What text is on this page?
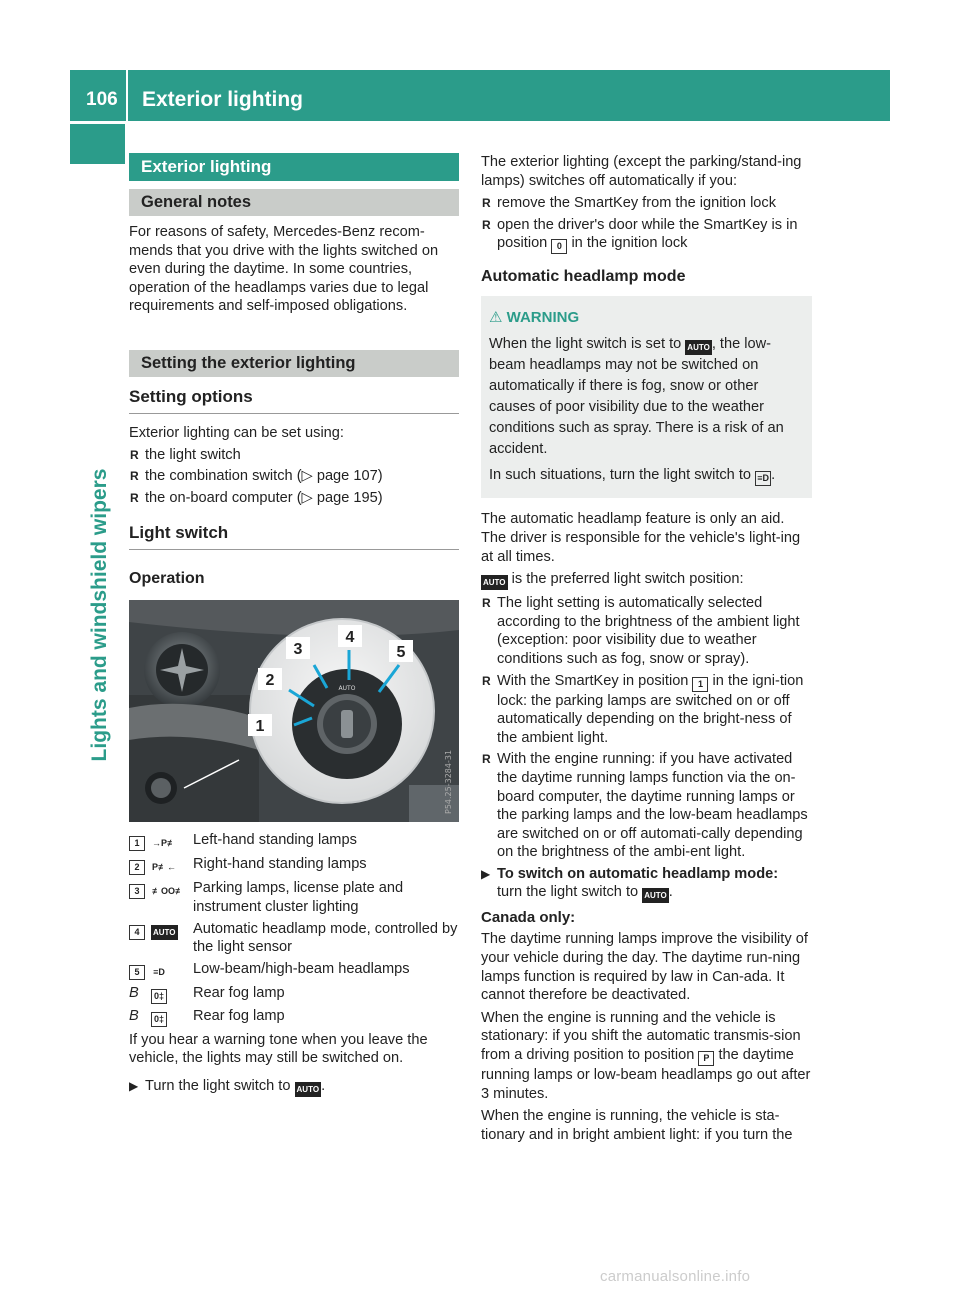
106	Exterior lighting
Lights and windshield wipers
Exterior lighting
General notes

For reasons of safety, Mercedes-Benz recom-mends that you drive with the lights switched on even during the daytime. In some countries, operation of the headlamps varies due to legal requirements and self-imposed obligations.

Setting the exterior lighting
Setting options

Exterior lighting can be set using:

R the light switch
R the combination switch (▷ page 107)
R the on-board computer (▷ page 195)
Light switch
Operation
AUTO
1
2
3
4
5
P54.25-3284-31
1	→P≢	Left-hand standing lamps
2	P≢←	Right-hand standing lamps
3	≢OO≢ Parking lamps, license plate and instrument cluster lighting
4	AUTO	Automatic headlamp mode, controlled by the light sensor
5	≡D	Low-beam/high-beam headlamps
B	0‡	Rear fog lamp
B	0‡	Rear fog lamp

If you hear a warning tone when you leave the vehicle, the lights may still be switched on.

▶ Turn the light switch to AUTO .

The exterior lighting (except the parking/stand-ing lamps) switches off automatically if you:

R remove the SmartKey from the ignition lock
R open the driver's door while the SmartKey is in position 0 in the ignition lock
Automatic headlamp mode
⚠ WARNING

When the light switch is set to AUTO , the low-beam headlamps may not be switched on automatically if there is fog, snow or other causes of poor visibility due to the weather conditions such as spray. There is a risk of an accident.

In such situations, turn the light switch to ≡D .

The automatic headlamp feature is only an aid. The driver is responsible for the vehicle's light-ing at all times.

AUTO is the preferred light switch position:

R The light setting is automatically selected according to the brightness of the ambient light (exception: poor visibility due to weather conditions such as fog, snow or spray).
R With the SmartKey in position 1 in the igni-tion lock: the parking lamps are switched on or off automatically depending on the bright-ness of the ambient light.
R With the engine running: if you have activated the daytime running lamps function via the on-board computer, the daytime running lamps or the parking lamps and the low-beam headlamps are switched on or off automati-cally depending on the brightness of the ambi-ent light.
▶ To switch on automatic headlamp mode:
turn the light switch to AUTO .
Canada only:

The daytime running lamps improve the visibility of your vehicle during the day. The daytime run-ning lamps function is required by law in Can-ada. It cannot therefore be deactivated.

When the engine is running and the vehicle is stationary: if you shift the automatic transmis-sion from a driving position to position P the daytime running lamps or low-beam headlamps go out after 3 minutes.

When the engine is running, the vehicle is sta-tionary and in bright ambient light: if you turn the

carmanualsonline.info
